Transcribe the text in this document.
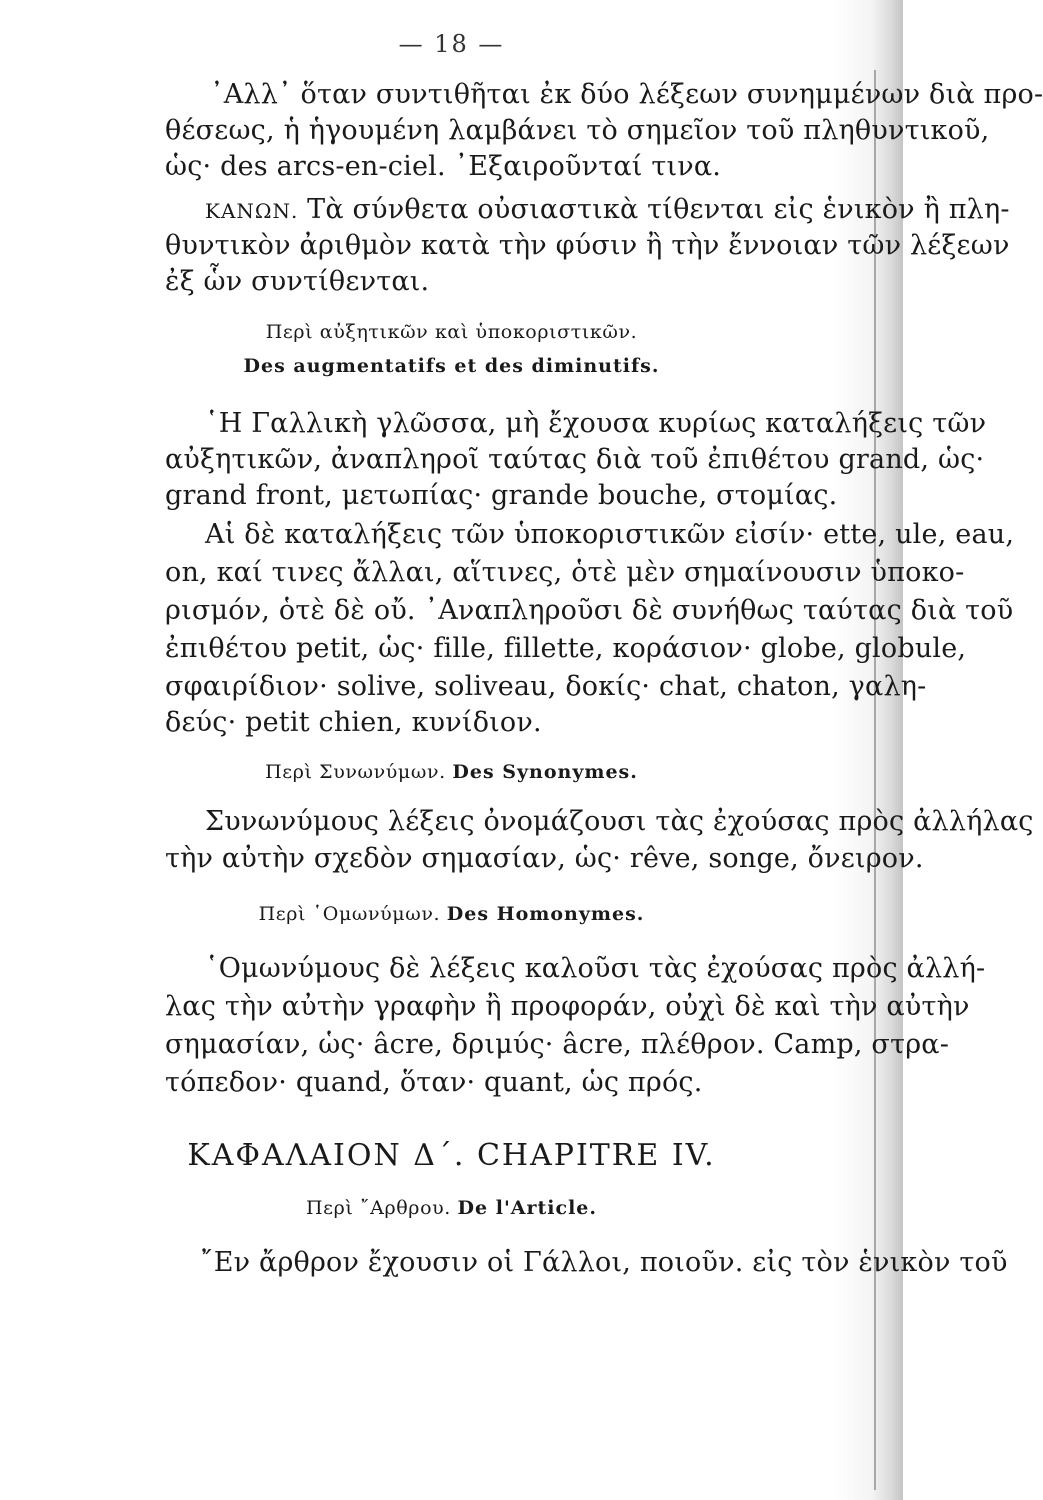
— 18 —
᾿Αλλ᾿ ὅταν συντιθῆται ἐκ δύο λέξεων συνημμένων διὰ προ-
θέσεως, ἡ ἡγουμένη λαμβάνει τὸ σημεῖον τοῦ πληθυντικοῦ,
ὡς· des arcs-en-ciel. ᾿Εξαιροῦνταί τινα.
ΚΑΝΩΝ. Τὰ σύνθετα οὐσιαστικὰ τίθενται εἰς ἑνικὸν ἢ πλη-
θυντικὸν ἀριθμὸν κατὰ τὴν φύσιν ἢ τὴν ἔννοιαν τῶν λέξεων
ἐξ ὧν συντίθενται.
Περὶ αὐξητικῶν καὶ ὑποκοριστικῶν.
Des augmentatifs et des diminutifs.
῾Η Γαλλικὴ γλῶσσα, μὴ ἔχουσα κυρίως καταλήξεις τῶν
αὐξητικῶν, ἀναπληροῖ ταύτας διὰ τοῦ ἐπιθέτου grand, ὡς·
grand front, μετωπίας· grande bouche, στομίας.
Αἱ δὲ καταλήξεις τῶν ὑποκοριστικῶν εἰσίν· ette, ule, eau,
on, καί τινες ἄλλαι, αἵτινες, ὁτὲ μὲν σημαίνουσιν ὑποκο-
ρισμόν, ὁτὲ δὲ οὔ. ᾿Αναπληροῦσι δὲ συνήθως ταύτας διὰ τοῦ
ἐπιθέτου petit, ὡς· fille, fillette, κοράσιον· globe, globule,
σφαιρίδιον· solive, soliveau, δοκίς· chat, chaton, γαλη-
δεύς· petit chien, κυνίδιον.
Περὶ Συνωνύμων. Des Synonymes.
Συνωνύμους λέξεις ὀνομάζουσι τὰς ἐχούσας πρὸς ἀλλήλας
τὴν αὐτὴν σχεδὸν σημασίαν, ὡς· rêve, songe, ὄνειρον.
Περὶ ῾Ομωνύμων. Des Homonymes.
῾Ομωνύμους δὲ λέξεις καλοῦσι τὰς ἐχούσας πρὸς ἀλλή-
λας τὴν αὐτὴν γραφὴν ἢ προφοράν, οὐχὶ δὲ καὶ τὴν αὐτὴν
σημασίαν, ὡς· âcre, δριμύς· âcre, πλέθρον. Camp, στρα-
τόπεδον· quand, ὅταν· quant, ὡς πρός.
ΚΑΦΑΛΑΙΟΝ Δ΄. CHAPITRE IV.
Περὶ ῎Αρθρου. De l'Article.
῎Εν ἄρθρον ἔχουσιν οἱ Γάλλοι, ποιοῦν. εἰς τὸν ἑνικὸν τοῦ
